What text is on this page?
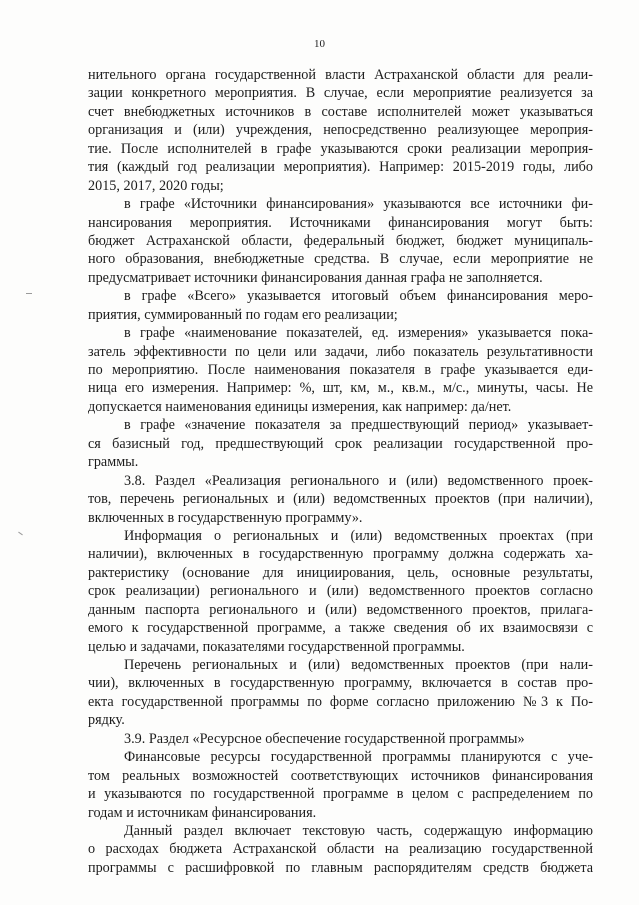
10
нительного органа государственной власти Астраханской области для реали-
зации конкретного мероприятия. В случае, если мероприятие реализуется за
счет внебюджетных источников в составе исполнителей может указываться
организация и (или) учреждения, непосредственно реализующее мероприя-
тие. После исполнителей в графе указываются сроки реализации мероприя-
тия (каждый год реализации мероприятия). Например: 2015-2019 годы, либо
2015, 2017, 2020 годы;
в графе «Источники финансирования» указываются все источники фи-
нансирования мероприятия. Источниками финансирования могут быть:
бюджет Астраханской области, федеральный бюджет, бюджет муниципаль-
ного образования, внебюджетные средства. В случае, если мероприятие не
предусматривает источники финансирования данная графа не заполняется.
в графе «Всего» указывается итоговый объем финансирования меро-
приятия, суммированный по годам его реализации;
в графе «наименование показателей, ед. измерения» указывается пока-
затель эффективности по цели или задачи, либо показатель результативности
по мероприятию. После наименования показателя в графе указывается еди-
ница его измерения. Например: %, шт, км, м., кв.м., м/с., минуты, часы. Не
допускается наименования единицы измерения, как например: да/нет.
в графе «значение показателя за предшествующий период» указывает-
ся базисный год, предшествующий срок реализации государственной про-
граммы.
3.8. Раздел «Реализация регионального и (или) ведомственного проек-
тов, перечень региональных и (или) ведомственных проектов (при наличии),
включенных в государственную программу».
Информация о региональных и (или) ведомственных проектах (при
наличии), включенных в государственную программу должна содержать ха-
рактеристику (основание для инициирования, цель, основные результаты,
срок реализации) регионального и (или) ведомственного проектов согласно
данным паспорта регионального и (или) ведомственного проектов, прилага-
емого к государственной программе, а также сведения об их взаимосвязи с
целью и задачами, показателями государственной программы.
Перечень региональных и (или) ведомственных проектов (при нали-
чии), включенных в государственную программу, включается в состав про-
екта государственной программы по форме согласно приложению №3 к По-
рядку.
3.9. Раздел «Ресурсное обеспечение государственной программы»
Финансовые ресурсы государственной программы планируются с уче-
том реальных возможностей соответствующих источников финансирования
и указываются по государственной программе в целом с распределением по
годам и источникам финансирования.
Данный раздел включает текстовую часть, содержащую информацию
о расходах бюджета Астраханской области на реализацию государственной
программы с расшифровкой по главным распорядителям средств бюджета
